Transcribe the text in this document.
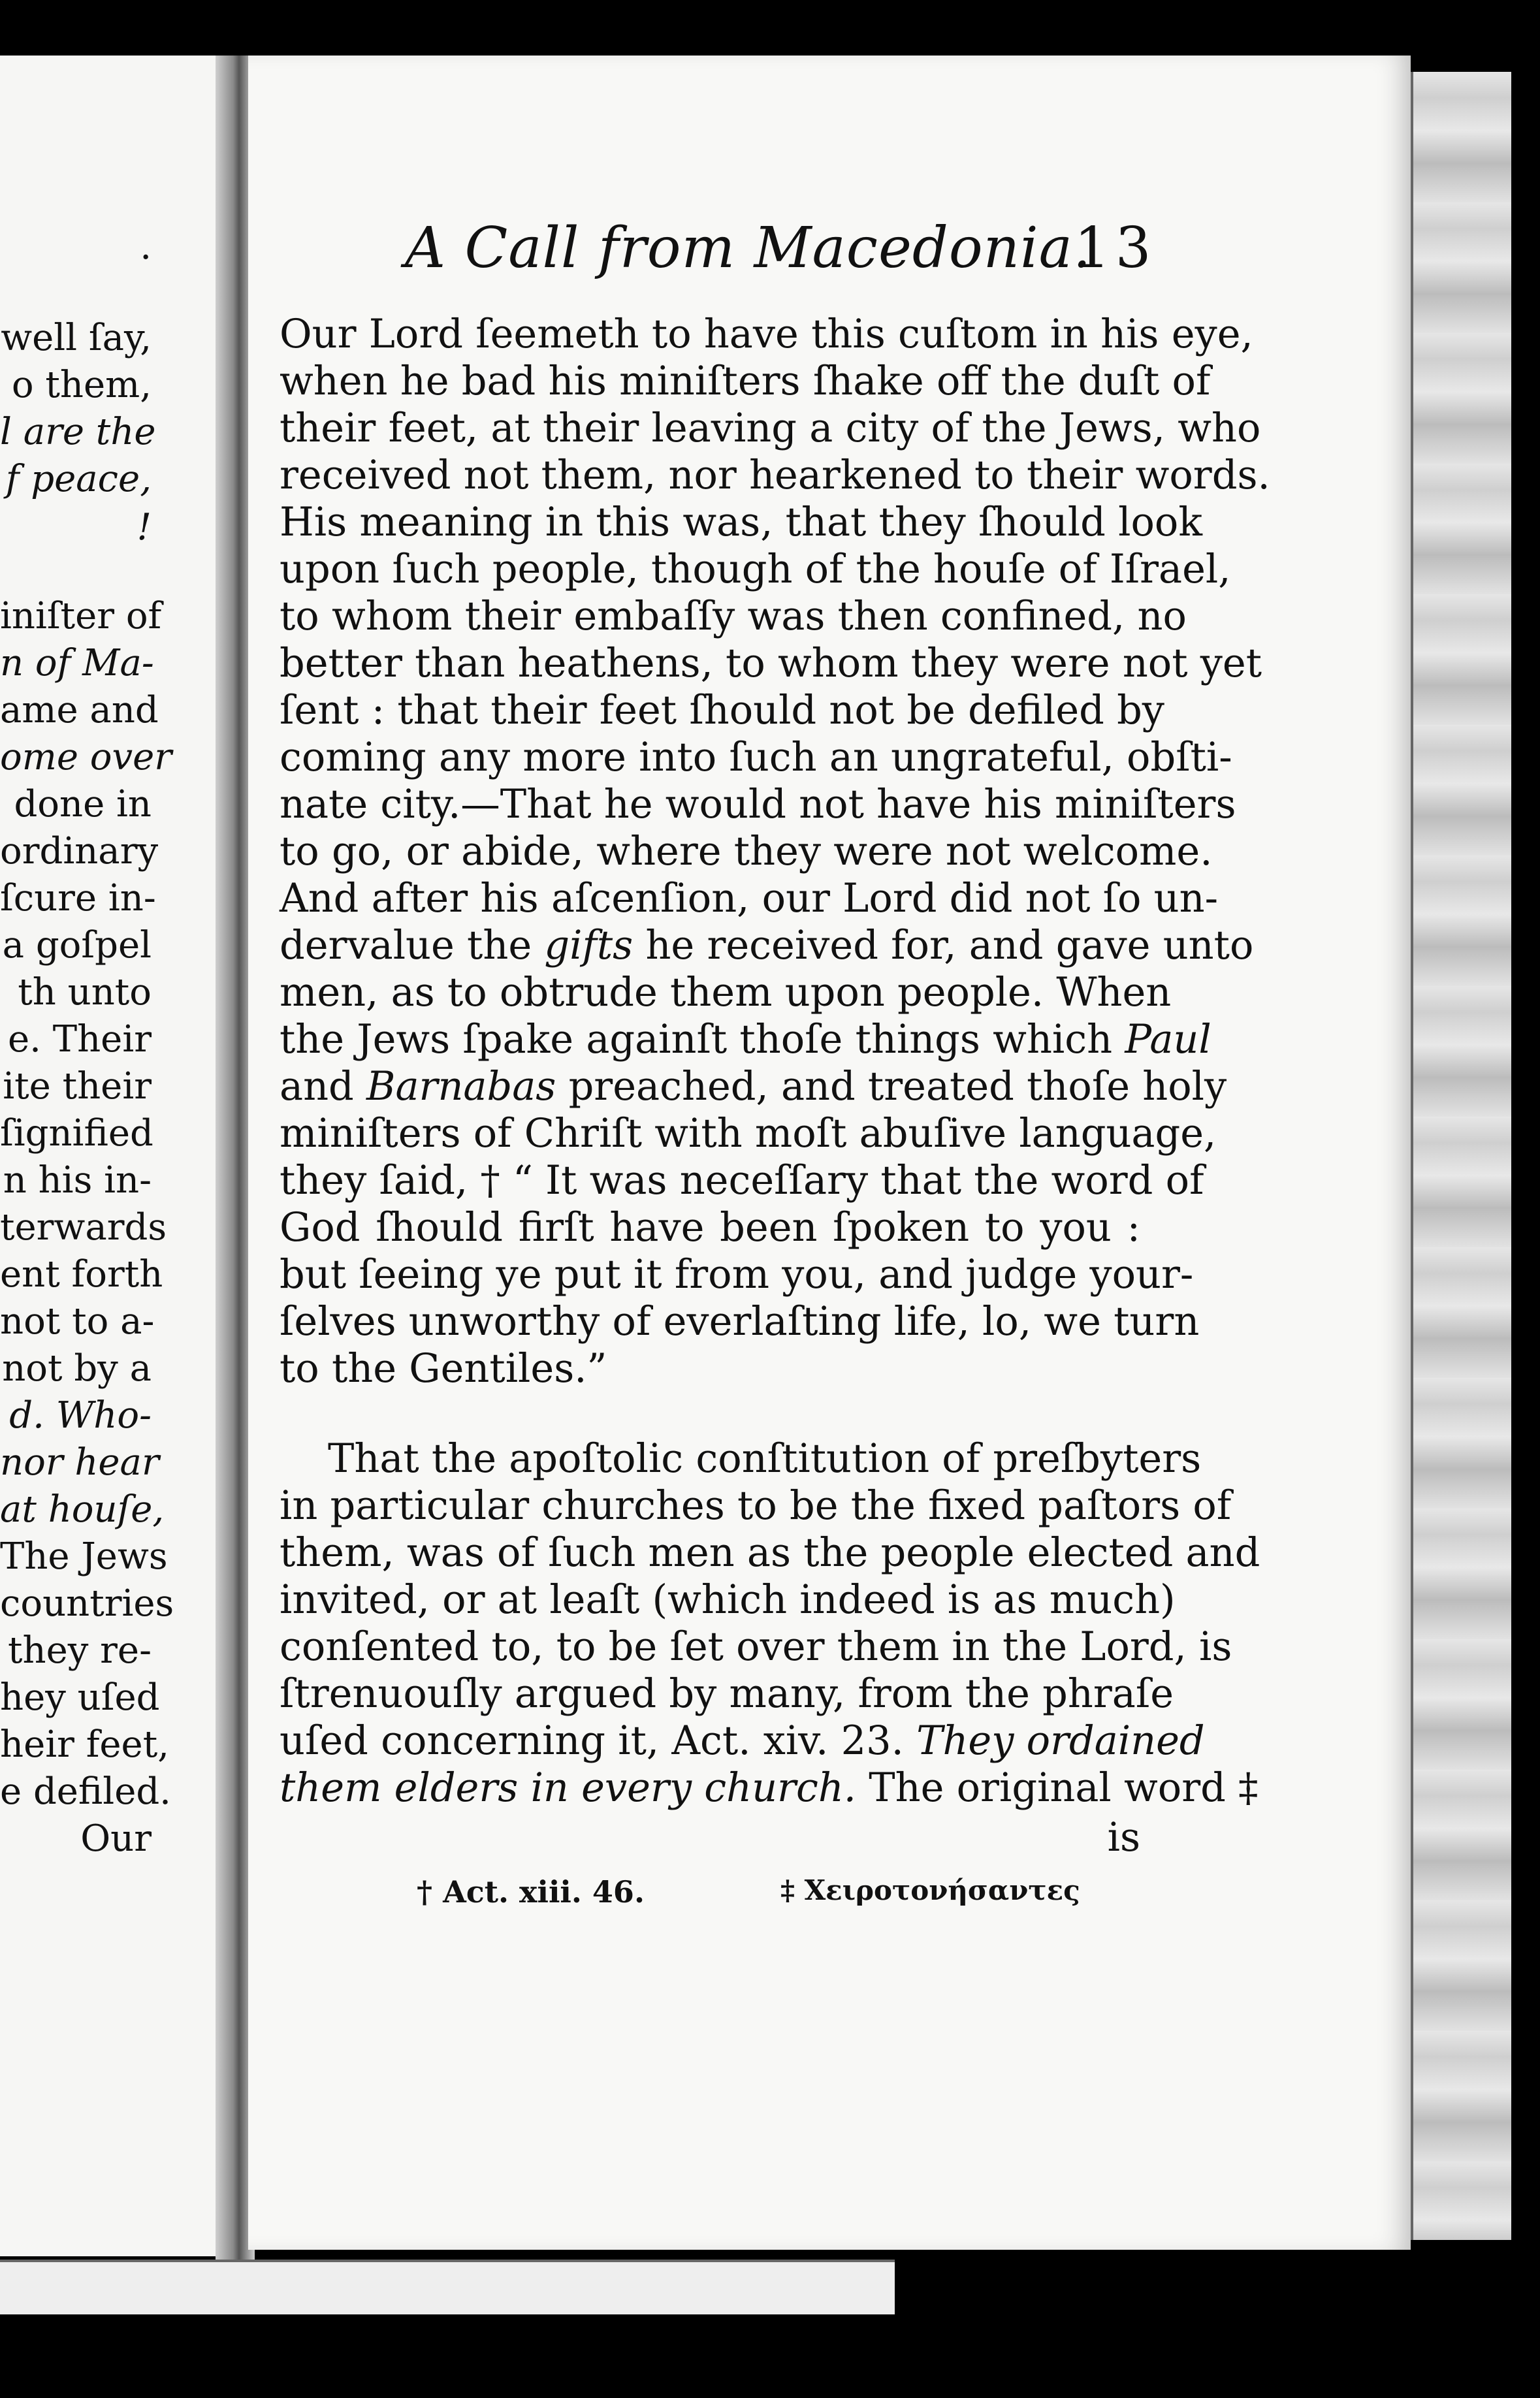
.
well ſay,
o them,
l are the
f peace,
!
iniſter of
n of Ma-
ame and
ome over
done in
ordinary
ſcure in-
a goſpel
th unto
e. Their
ite their
ſignified
n his in-
terwards
ent forth
not to a-
not by a
d. Who-
nor hear
at houſe,
The Jews
countries
they re-
hey uſed
heir feet,
e defiled.
Our
A Call from Macedonia.
13
Our Lord ſeemeth to have this cuſtom in his eye,
when he bad his miniſters ſhake off the duſt of
their feet, at their leaving a city of the Jews, who
received not them, nor hearkened to their words.
His meaning in this was, that they ſhould look
upon ſuch people, though of the houſe of Iſrael,
to whom their embaſſy was then confined, no
better than heathens, to whom they were not yet
ſent : that their feet ſhould not be defiled by
coming any more into ſuch an ungrateful, obſti-
nate city.—That he would not have his miniſters
to go, or abide, where they were not welcome.
And after his aſcenſion, our Lord did not ſo un-
dervalue the gifts he received for, and gave unto
men, as to obtrude them upon people. When
the Jews ſpake againſt thoſe things which Paul
and Barnabas preached, and treated thoſe holy
miniſters of Chriſt with moſt abuſive language,
they ſaid, † “ It was neceſſary that the word of
God ſhould firſt have been ſpoken to you :
but ſeeing ye put it from you, and judge your-
ſelves unworthy of everlaſting life, lo, we turn
to the Gentiles.”
That the apoſtolic conſtitution of preſbyters
in particular churches to be the fixed paſtors of
them, was of ſuch men as the people elected and
invited, or at leaſt (which indeed is as much)
conſented to, to be ſet over them in the Lord, is
ſtrenuouſly argued by many, from the phraſe
uſed concerning it, Act. xiv. 23. They ordained
them elders in every church. The original word ‡
is
† Act. xiii. 46.	‡ Χειροτονήσαντες
